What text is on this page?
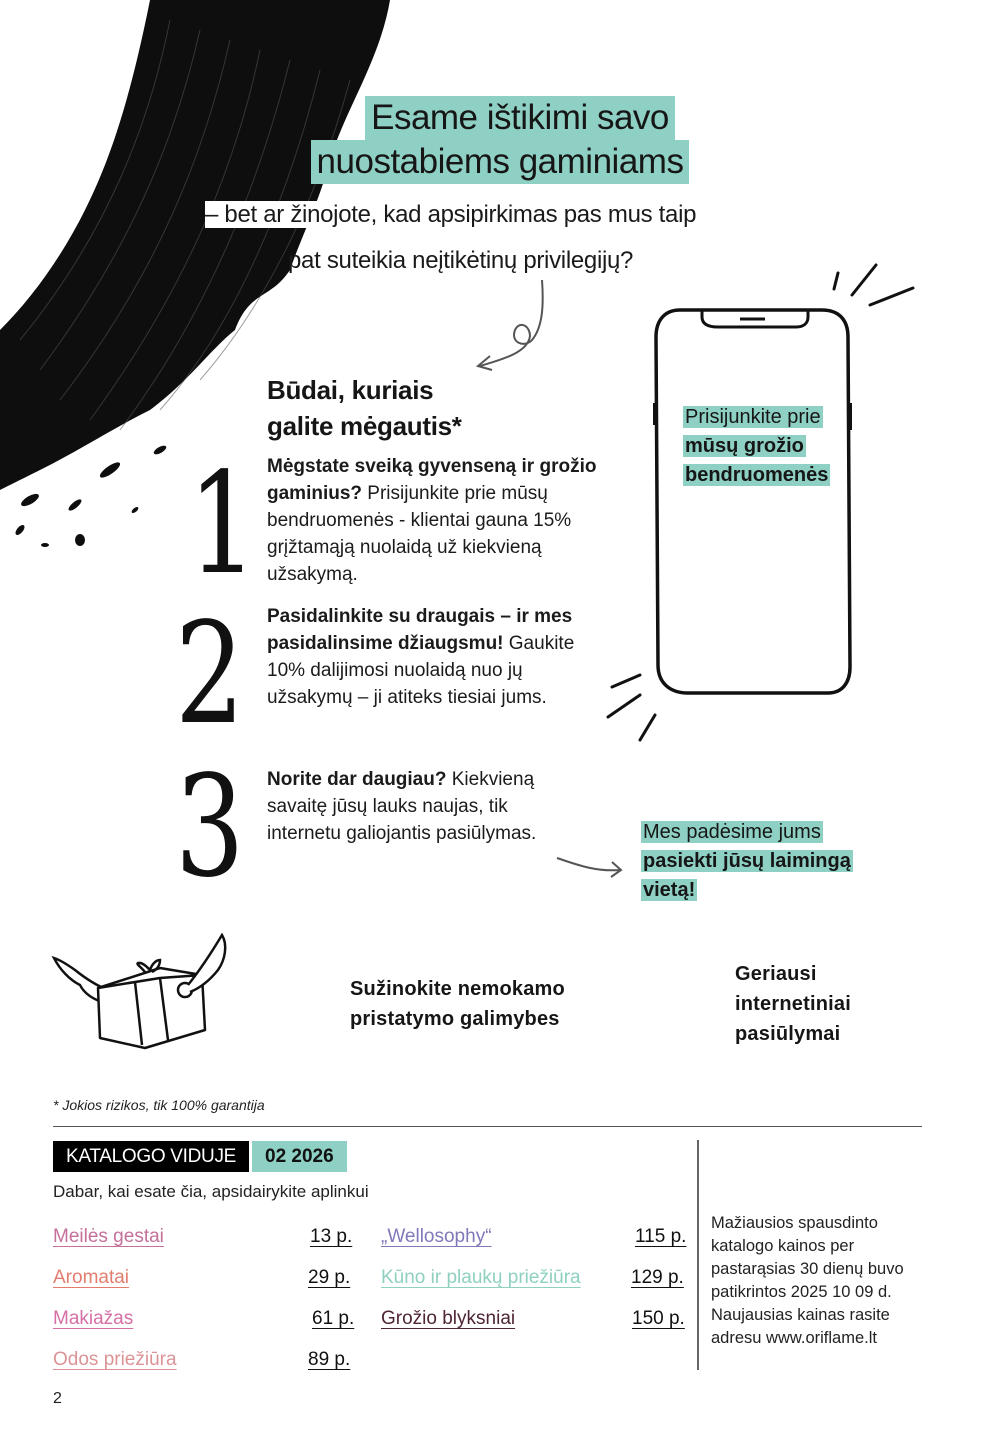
Esame ištikimi savo
nuostabiems gaminiams
– bet ar žinojote, kad apsipirkimas pas mus taip
pat suteikia neįtikėtinų privilegijų?
Būdai, kuriais
galite mėgautis*
1
2
3
Mėgstate sveiką gyvenseną ir grožio gaminius? Prisijunkite prie mūsų bendruomenės - klientai gauna 15% grįžtamąją nuolaidą už kiekvieną užsakymą.
Pasidalinkite su draugais – ir mes pasidalinsime džiaugsmu! Gaukite 10% dalijimosi nuolaidą nuo jų užsakymų – ji atiteks tiesiai jums.
Norite dar daugiau? Kiekvieną savaitę jūsų lauks naujas, tik internetu galiojantis pasiūlymas.
Prisijunkite prie
mūsų grožio
bendruomenės
Mes padėsime jums
pasiekti jūsų laimingą
vietą!
Sužinokite nemokamo
pristatymo galimybes
Geriausi
internetiniai
pasiūlymai
* Jokios rizikos, tik 100% garantija
KATALOGO VIDUJE	02 2026
Dabar, kai esate čia, apsidairykite aplinkui
Meilės gestai	13 p.
Aromatai	29 p.
Makiažas	61 p.
Odos priežiūra	89 p.
„Wellosophy“	115 p.
Kūno ir plaukų priežiūra	129 p.
Grožio blyksniai	150 p.
Mažiausios spausdinto katalogo kainos per pastarąsias 30 dienų buvo patikrintos 2025 10 09 d. Naujausias kainas rasite adresu www.oriflame.lt
2
